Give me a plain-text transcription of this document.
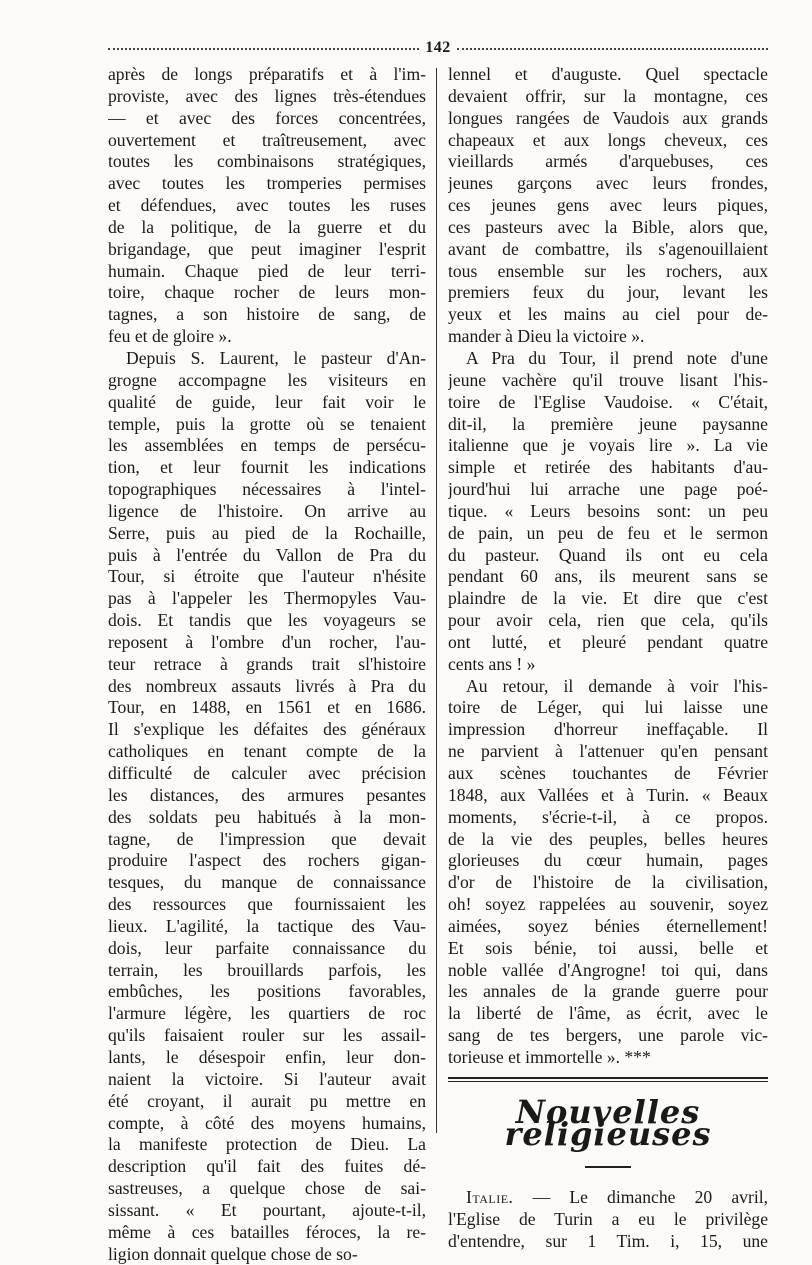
142
après de longs préparatifs et à l'im-
proviste, avec des lignes très-étendues
— et avec des forces concentrées,
ouvertement et traîtreusement, avec
toutes les combinaisons stratégiques,
avec toutes les tromperies permises
et défendues, avec toutes les ruses
de la politique, de la guerre et du
brigandage, que peut imaginer l'esprit
humain. Chaque pied de leur terri-
toire, chaque rocher de leurs mon-
tagnes, a son histoire de sang, de
feu et de gloire ».
Depuis S. Laurent, le pasteur d'An-
grogne accompagne les visiteurs en
qualité de guide, leur fait voir le
temple, puis la grotte où se tenaient
les assemblées en temps de persécu-
tion, et leur fournit les indications
topographiques nécessaires à l'intel-
ligence de l'histoire. On arrive au
Serre, puis au pied de la Rochaille,
puis à l'entrée du Vallon de Pra du
Tour, si étroite que l'auteur n'hésite
pas à l'appeler les Thermopyles Vau-
dois. Et tandis que les voyageurs se
reposent à l'ombre d'un rocher, l'au-
teur retrace à grands trait sl'histoire
des nombreux assauts livrés à Pra du
Tour, en 1488, en 1561 et en 1686.
Il s'explique les défaites des généraux
catholiques en tenant compte de la
difficulté de calculer avec précision
les distances, des armures pesantes
des soldats peu habitués à la mon-
tagne, de l'impression que devait
produire l'aspect des rochers gigan-
tesques, du manque de connaissance
des ressources que fournissaient les
lieux. L'agilité, la tactique des Vau-
dois, leur parfaite connaissance du
terrain, les brouillards parfois, les
embûches, les positions favorables,
l'armure légère, les quartiers de roc
qu'ils faisaient rouler sur les assail-
lants, le désespoir enfin, leur don-
naient la victoire. Si l'auteur avait
été croyant, il aurait pu mettre en
compte, à côté des moyens humains,
la manifeste protection de Dieu. La
description qu'il fait des fuites dé-
sastreuses, a quelque chose de sai-
sissant. « Et pourtant, ajoute-t-il,
même à ces batailles féroces, la re-
ligion donnait quelque chose de so-
lennel et d'auguste. Quel spectacle
devaient offrir, sur la montagne, ces
longues rangées de Vaudois aux grands
chapeaux et aux longs cheveux, ces
vieillards armés d'arquebuses, ces
jeunes garçons avec leurs frondes,
ces jeunes gens avec leurs piques,
ces pasteurs avec la Bible, alors que,
avant de combattre, ils s'agenouillaient
tous ensemble sur les rochers, aux
premiers feux du jour, levant les
yeux et les mains au ciel pour de-
mander à Dieu la victoire ».
A Pra du Tour, il prend note d'une
jeune vachère qu'il trouve lisant l'his-
toire de l'Eglise Vaudoise. « C'était,
dit-il, la première jeune paysanne
italienne que je voyais lire ». La vie
simple et retirée des habitants d'au-
jourd'hui lui arrache une page poé-
tique. « Leurs besoins sont: un peu
de pain, un peu de feu et le sermon
du pasteur. Quand ils ont eu cela
pendant 60 ans, ils meurent sans se
plaindre de la vie. Et dire que c'est
pour avoir cela, rien que cela, qu'ils
ont lutté, et pleuré pendant quatre
cents ans ! »
Au retour, il demande à voir l'his-
toire de Léger, qui lui laisse une
impression d'horreur ineffaçable. Il
ne parvient à l'attenuer qu'en pensant
aux scènes touchantes de Février
1848, aux Vallées et à Turin. « Beaux
moments, s'écrie-t-il, à ce propos.
de la vie des peuples, belles heures
glorieuses du cœur humain, pages
d'or de l'histoire de la civilisation,
oh! soyez rappelées au souvenir, soyez
aimées, soyez bénies éternellement!
Et sois bénie, toi aussi, belle et
noble vallée d'Angrogne! toi qui, dans
les annales de la grande guerre pour
la liberté de l'âme, as écrit, avec le
sang de tes bergers, une parole vic-
torieuse et immortelle ». ***
Nouvelles religieuses
Italie. — Le dimanche 20 avril,
l'Eglise de Turin a eu le privilège
d'entendre, sur 1 Tim. i, 15, une
